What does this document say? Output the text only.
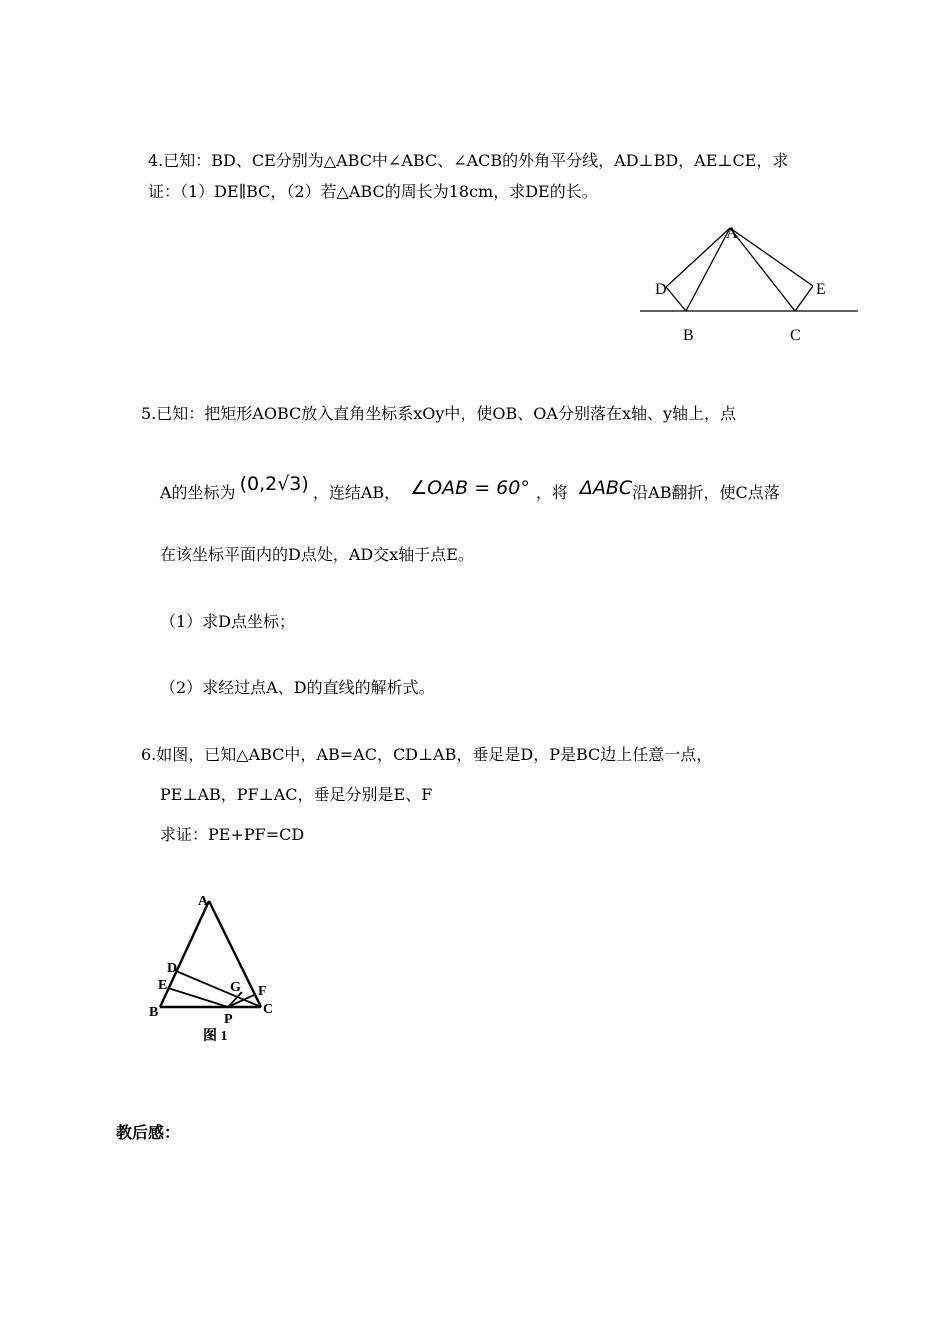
4.已知：BD、CE分别为△ABC中∠ABC、∠ACB的外角平分线，AD⊥BD，AE⊥CE，求
证：（1）DE∥BC，（2）若△ABC的周长为18cm，求DE的长。
A
D	E
B	C
5.已知：把矩形AOBC放入直角坐标系xOy中，使OB、OA分别落在x轴、y轴上，点
A的坐标为 (0,2√3) ，连结AB， ∠OAB = 60° ，将 ΔABC沿AB翻折，使C点落
在该坐标平面内的D点处，AD交x轴于点E。
（1）求D点坐标；
（2）求经过点A、D的直线的解析式。
6.如图，已知△ABC中，AB=AC，CD⊥AB，垂足是D，P是BC边上任意一点，
PE⊥AB，PF⊥AC，垂足分别是E、F
求证：PE+PF=CD
A
D
E	G F
B	C
P
图 1
教后感：
